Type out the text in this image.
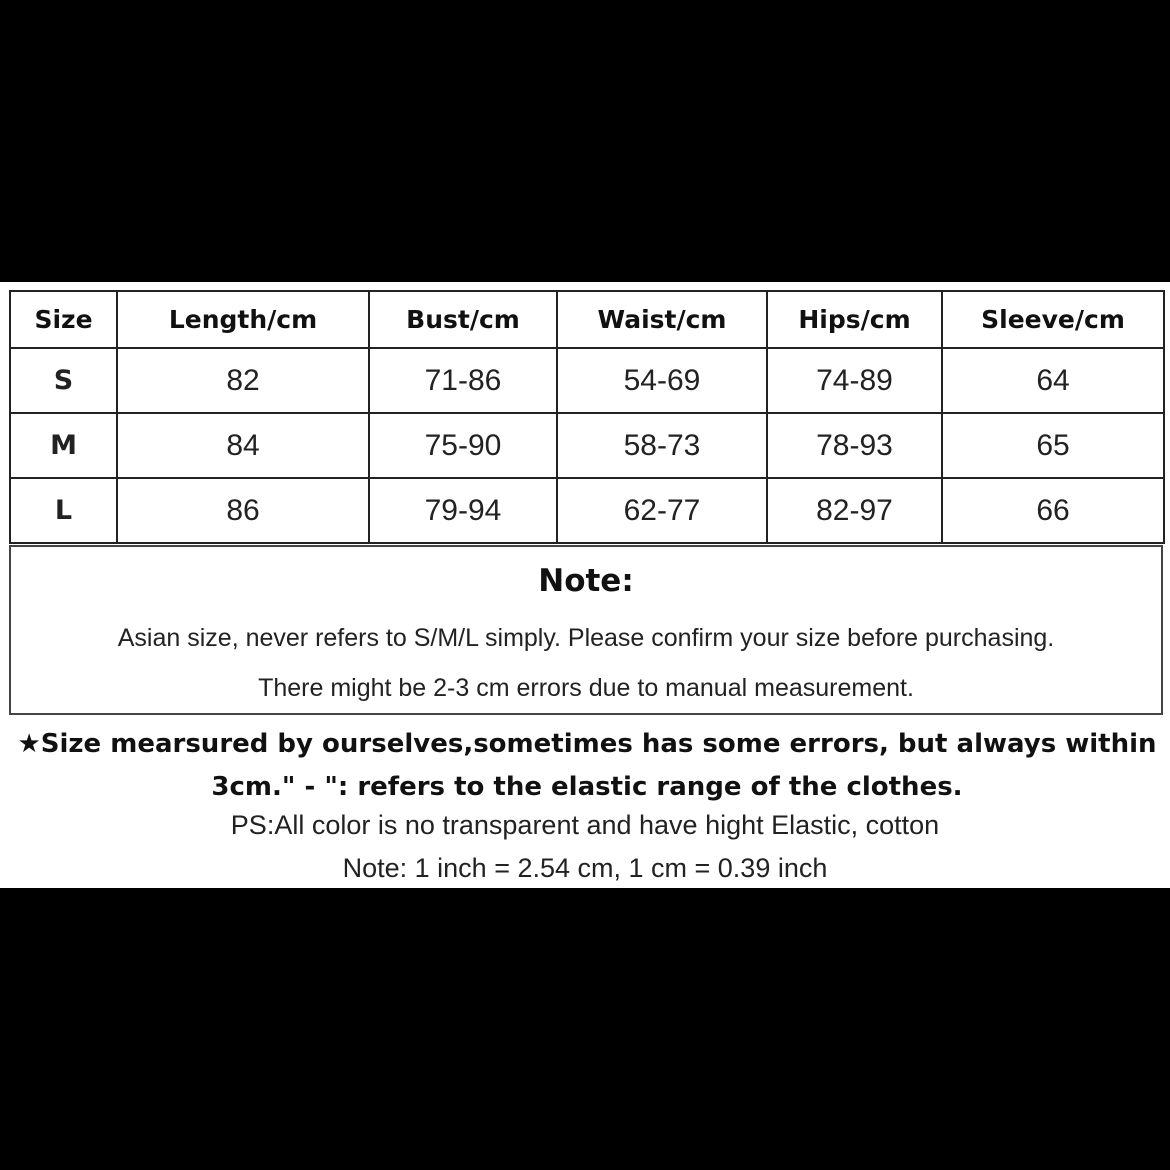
Size	Length/cm	Bust/cm	Waist/cm	Hips/cm	Sleeve/cm
S	82	71-86	54-69	74-89	64
M	84	75-90	58-73	78-93	65
L	86	79-94	62-77	82-97	66
Note:
Asian size, never refers to S/M/L simply. Please confirm your size before purchasing.
There might be 2-3 cm errors due to manual measurement.
★Size mearsured by ourselves,sometimes has some errors, but always within 3cm." - ": refers to the elastic range of the clothes.
PS:All color is no transparent and have hight Elastic, cotton
Note: 1 inch = 2.54 cm, 1 cm = 0.39 inch
